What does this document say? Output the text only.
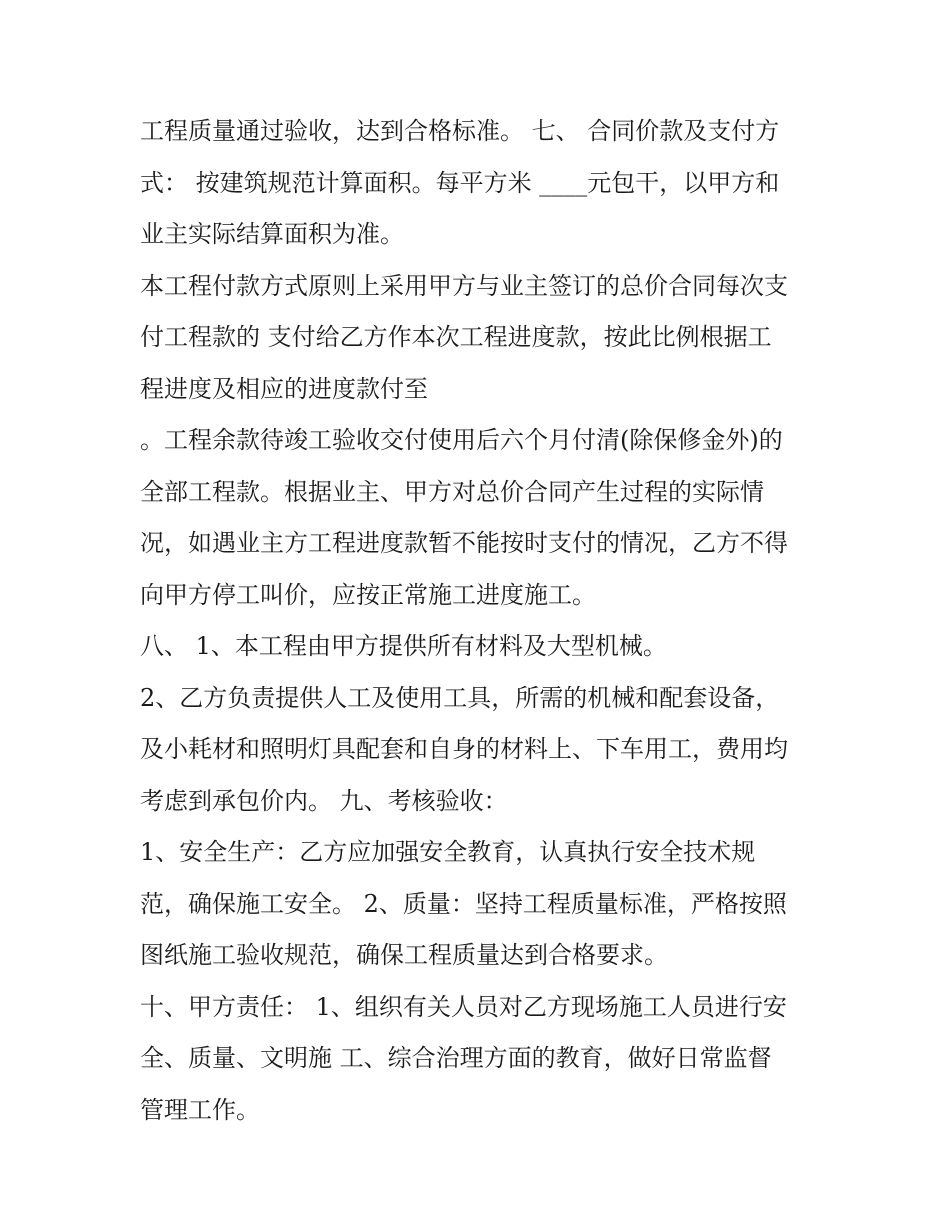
工程质量通过验收，达到合格标准。 七、 合同价款及支付方
式： 按建筑规范计算面积。每平方米 ____元包干，以甲方和
业主实际结算面积为准。
本工程付款方式原则上采用甲方与业主签订的总价合同每次支
付工程款的 支付给乙方作本次工程进度款，按此比例根据工
程进度及相应的进度款付至
。工程余款待竣工验收交付使用后六个月付清(除保修金外)的
全部工程款。根据业主、甲方对总价合同产生过程的实际情
况，如遇业主方工程进度款暂不能按时支付的情况，乙方不得
向甲方停工叫价，应按正常施工进度施工。
八、 1、本工程由甲方提供所有材料及大型机械。
2、乙方负责提供人工及使用工具，所需的机械和配套设备，
及小耗材和照明灯具配套和自身的材料上、下车用工，费用均
考虑到承包价内。 九、考核验收：
1、安全生产：乙方应加强安全教育，认真执行安全技术规
范，确保施工安全。 2、质量：坚持工程质量标准，严格按照
图纸施工验收规范，确保工程质量达到合格要求。
十、甲方责任： 1、组织有关人员对乙方现场施工人员进行安
全、质量、文明施 工、综合治理方面的教育，做好日常监督
管理工作。
